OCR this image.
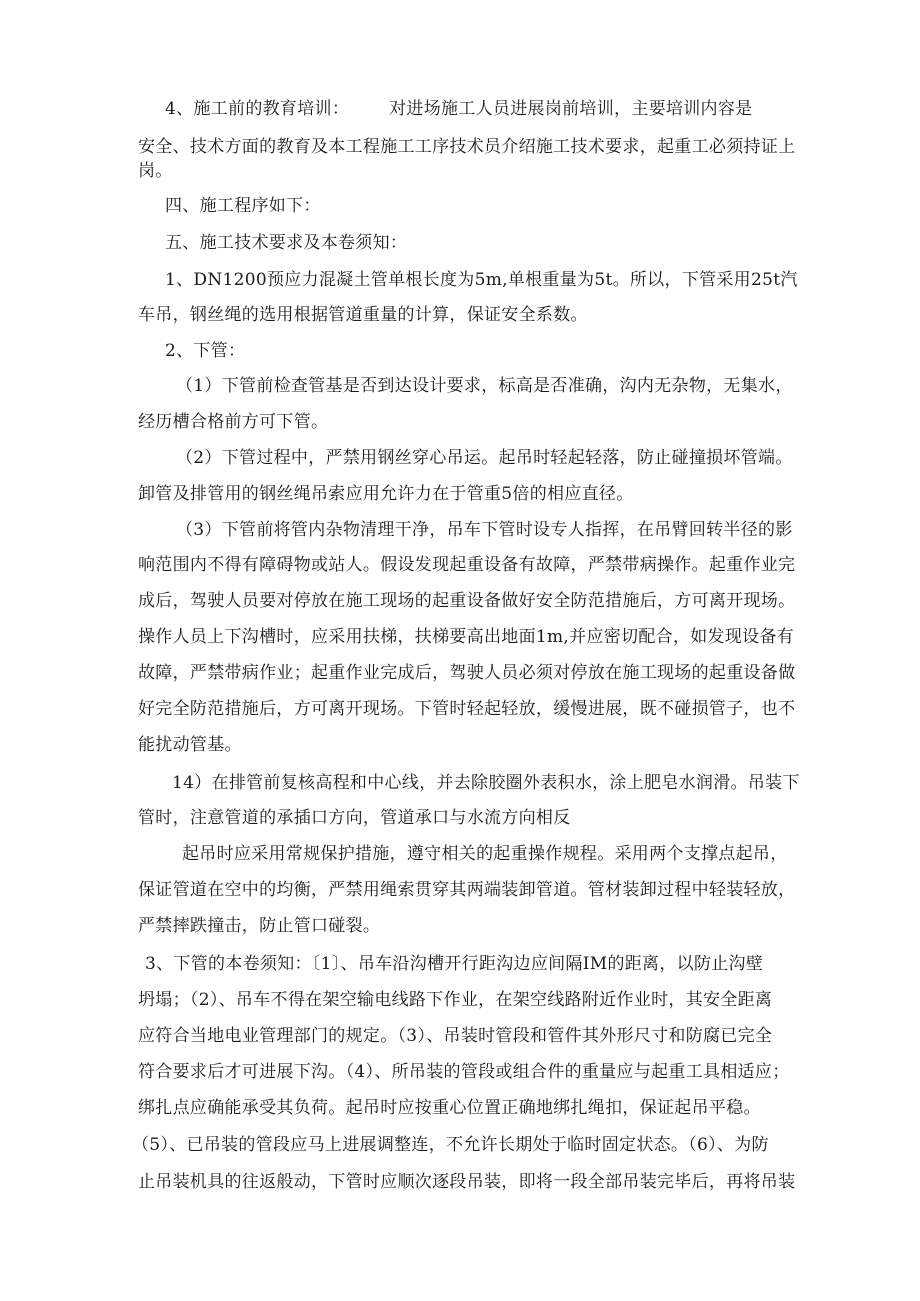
4、施工前的教育培训： 对进场施工人员进展岗前培训，主要培训内容是
安全、技术方面的教育及本工程施工工序技术员介绍施工技术要求，起重工必须持证上
岗。
四、施工程序如下：
五、施工技术要求及本卷须知：
1、DN1200预应力混凝土管单根长度为5m,单根重量为5t。所以，下管采用25t汽
车吊，钢丝绳的选用根据管道重量的计算，保证安全系数。
2、下管：
（1）下管前检查管基是否到达设计要求，标高是否准确，沟内无杂物，无集水，
经历槽合格前方可下管。
（2）下管过程中，严禁用钢丝穿心吊运。起吊时轻起轻落，防止碰撞损坏管端。
卸管及排管用的钢丝绳吊索应用允许力在于管重5倍的相应直径。
（3）下管前将管内杂物清理干净，吊车下管时设专人指挥，在吊臂回转半径的影
响范围内不得有障碍物或站人。假设发现起重设备有故障，严禁带病操作。起重作业完
成后，驾驶人员要对停放在施工现场的起重设备做好安全防范措施后，方可离开现场。
操作人员上下沟槽时，应采用扶梯，扶梯要高出地面1m,并应密切配合，如发现设备有
故障，严禁带病作业；起重作业完成后，驾驶人员必须对停放在施工现场的起重设备做
好完全防范措施后，方可离开现场。下管时轻起轻放，缓慢进展，既不碰损管子，也不
能扰动管基。
14）在排管前复核高程和中心线，并去除胶圈外表积水，涂上肥皂水润滑。吊装下
管时，注意管道的承插口方向，管道承口与水流方向相反
起吊时应采用常规保护措施，遵守相关的起重操作规程。采用两个支撑点起吊，
保证管道在空中的均衡，严禁用绳索贯穿其两端装卸管道。管材装卸过程中轻装轻放，
严禁摔跌撞击，防止管口碰裂。
3、下管的本卷须知：〔1〕、吊车沿沟槽开行距沟边应间隔IM的距离，以防止沟壁
坍塌；（2）、吊车不得在架空输电线路下作业，在架空线路附近作业时，其安全距离
应符合当地电业管理部门的规定。（3）、吊装时管段和管件其外形尺寸和防腐已完全
符合要求后才可进展下沟。（4）、所吊装的管段或组合件的重量应与起重工具相适应；
绑扎点应确能承受其负荷。起吊时应按重心位置正确地绑扎绳扣，保证起吊平稳。
（5）、已吊装的管段应马上进展调整连，不允许长期处于临时固定状态。（6）、为防
止吊装机具的往返般动，下管时应顺次逐段吊装，即将一段全部吊装完毕后，再将吊装
